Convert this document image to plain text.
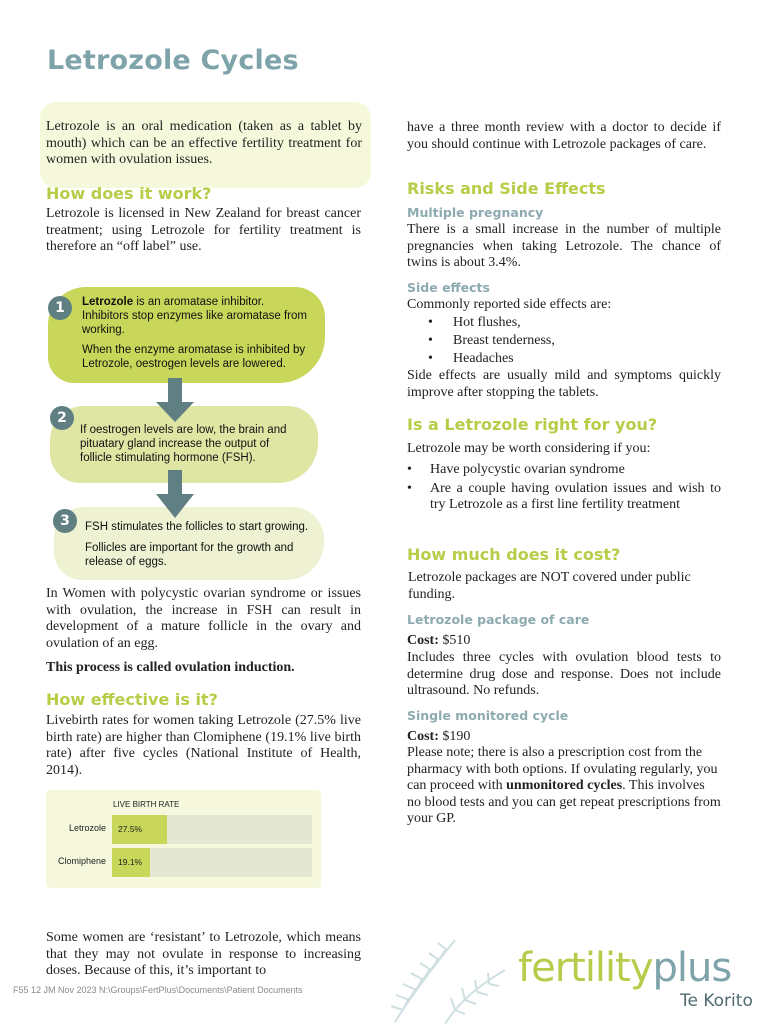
Letrozole Cycles
Letrozole is an oral medication (taken as a tablet by mouth) which can be an effective fertility treatment for women with ovulation issues.
How does it work?
Letrozole is licensed in New Zealand for breast cancer treatment; using Letrozole for fertility treatment is therefore an “off label” use.
1	Letrozole is an aromatase inhibitor. Inhibitors stop enzymes like aromatase from working.
When the enzyme aromatase is inhibited by Letrozole, oestrogen levels are lowered.
2
If oestrogen levels are low, the brain and pituatary gland increase the output of follicle stimulating hormone (FSH).
3	FSH stimulates the follicles to start growing.
Follicles are important for the growth and release of eggs.
In Women with polycystic ovarian syndrome or issues with ovulation, the increase in FSH can result in development of a mature follicle in the ovary and ovulation of an egg.
This process is called ovulation induction.
How effective is it?
Livebirth rates for women taking Letrozole (27.5% live birth rate) are higher than Clomiphene (19.1% live birth rate) after five cycles (National Institute of Health, 2014).
LIVE BIRTH RATE
Letrozole 27.5%
Clomiphene 19.1%
Some women are ‘resistant’ to Letrozole, which means that they may not ovulate in response to increasing doses. Because of this, it’s important to
have a three month review with a doctor to decide if you should continue with Letrozole packages of care.
Risks and Side Effects
Multiple pregnancy
There is a small increase in the number of multiple pregnancies when taking Letrozole. The chance of twins is about 3.4%.
Side effects
Commonly reported side effects are:
• Hot flushes,
• Breast tenderness,
• Headaches
Side effects are usually mild and symptoms quickly improve after stopping the tablets.
Is a Letrozole right for you?
Letrozole may be worth considering if you:
• Have polycystic ovarian syndrome
• Are a couple having ovulation issues and wish to try Letrozole as a first line fertility treatment
How much does it cost?
Letrozole packages are NOT covered under public funding.
Letrozole package of care
Cost: $510
Includes three cycles with ovulation blood tests to determine drug dose and response. Does not include ultrasound. No refunds.
Single monitored cycle
Cost: $190
Please note; there is also a prescription cost from the pharmacy with both options. If ovulating regularly, you can proceed with unmonitored cycles. This involves no blood tests and you can get repeat prescriptions from your GP.
F55 12 JM Nov 2023 N:\Groups\FertPlus\Documents\Patient Documents	fertilityplus
Te Korito
